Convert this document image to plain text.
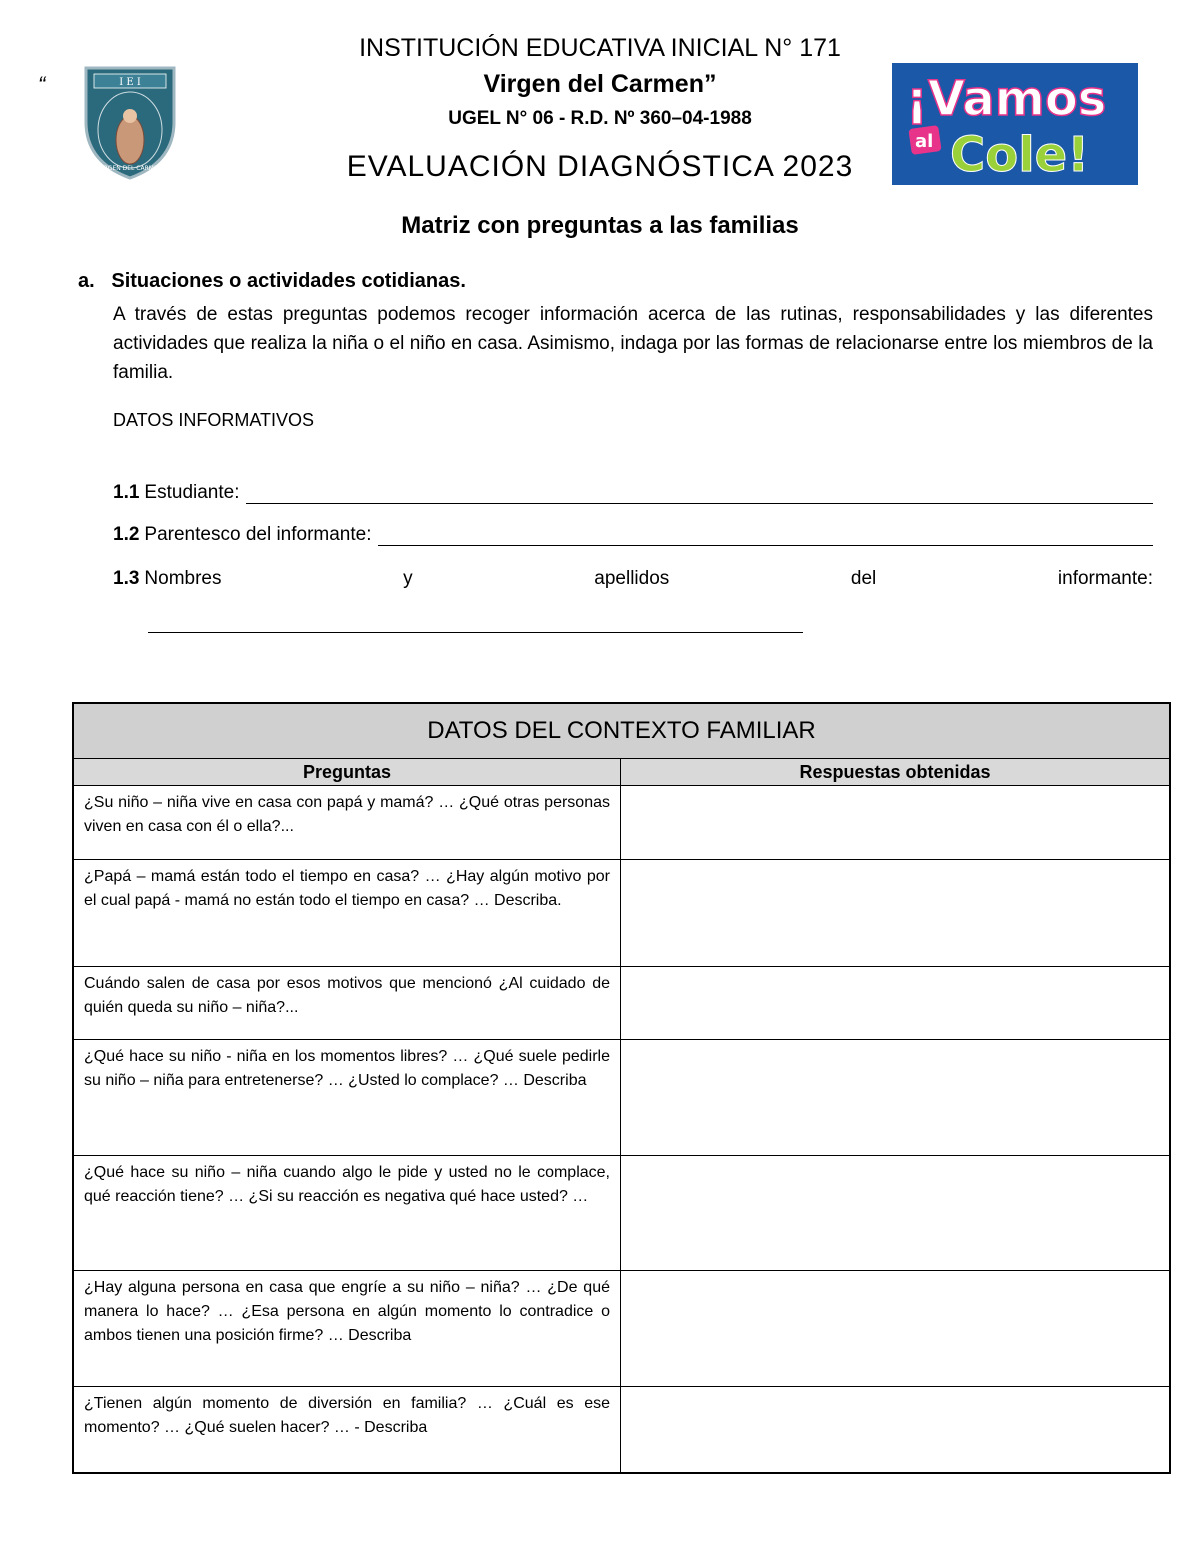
“	I E I
VIRGEN DEL CARMEN
INSTITUCIÓN EDUCATIVA INICIAL N° 171
Virgen del Carmen”
UGEL N° 06 - R.D. Nº 360–04-1988
EVALUACIÓN DIAGNÓSTICA 2023
¡Vamos
al Cole!
Matriz con preguntas a las familias
a. Situaciones o actividades cotidianas.
A través de estas preguntas podemos recoger información acerca de las rutinas, responsabilidades y las diferentes actividades que realiza la niña o el niño en casa. Asimismo, indaga por las formas de relacionarse entre los miembros de la familia.
DATOS INFORMATIVOS
1.1 Estudiante:
1.2 Parentesco del informante:
1.3 Nombres	y	apellidos	del	informante:
DATOS DEL CONTEXTO FAMILIAR	
Preguntas	Respuestas obtenidas
¿Su niño – niña vive en casa con papá y mamá? … ¿Qué otras personas viven en casa con él o ella?...	
¿Papá – mamá están todo el tiempo en casa? … ¿Hay algún motivo por el cual papá - mamá no están todo el tiempo en casa? … Describa.	
Cuándo salen de casa por esos motivos que mencionó ¿Al cuidado de quién queda su niño – niña?...	
¿Qué hace su niño - niña en los momentos libres? … ¿Qué suele pedirle su niño – niña para entretenerse? … ¿Usted lo complace? … Describa	
¿Qué hace su niño – niña cuando algo le pide y usted no le complace, qué reacción tiene? … ¿Si su reacción es negativa qué hace usted? …	
¿Hay alguna persona en casa que engríe a su niño – niña? … ¿De qué manera lo hace? … ¿Esa persona en algún momento lo contradice o ambos tienen una posición firme? … Describa	
¿Tienen algún momento de diversión en familia? … ¿Cuál es ese momento? … ¿Qué suelen hacer? … - Describa	
